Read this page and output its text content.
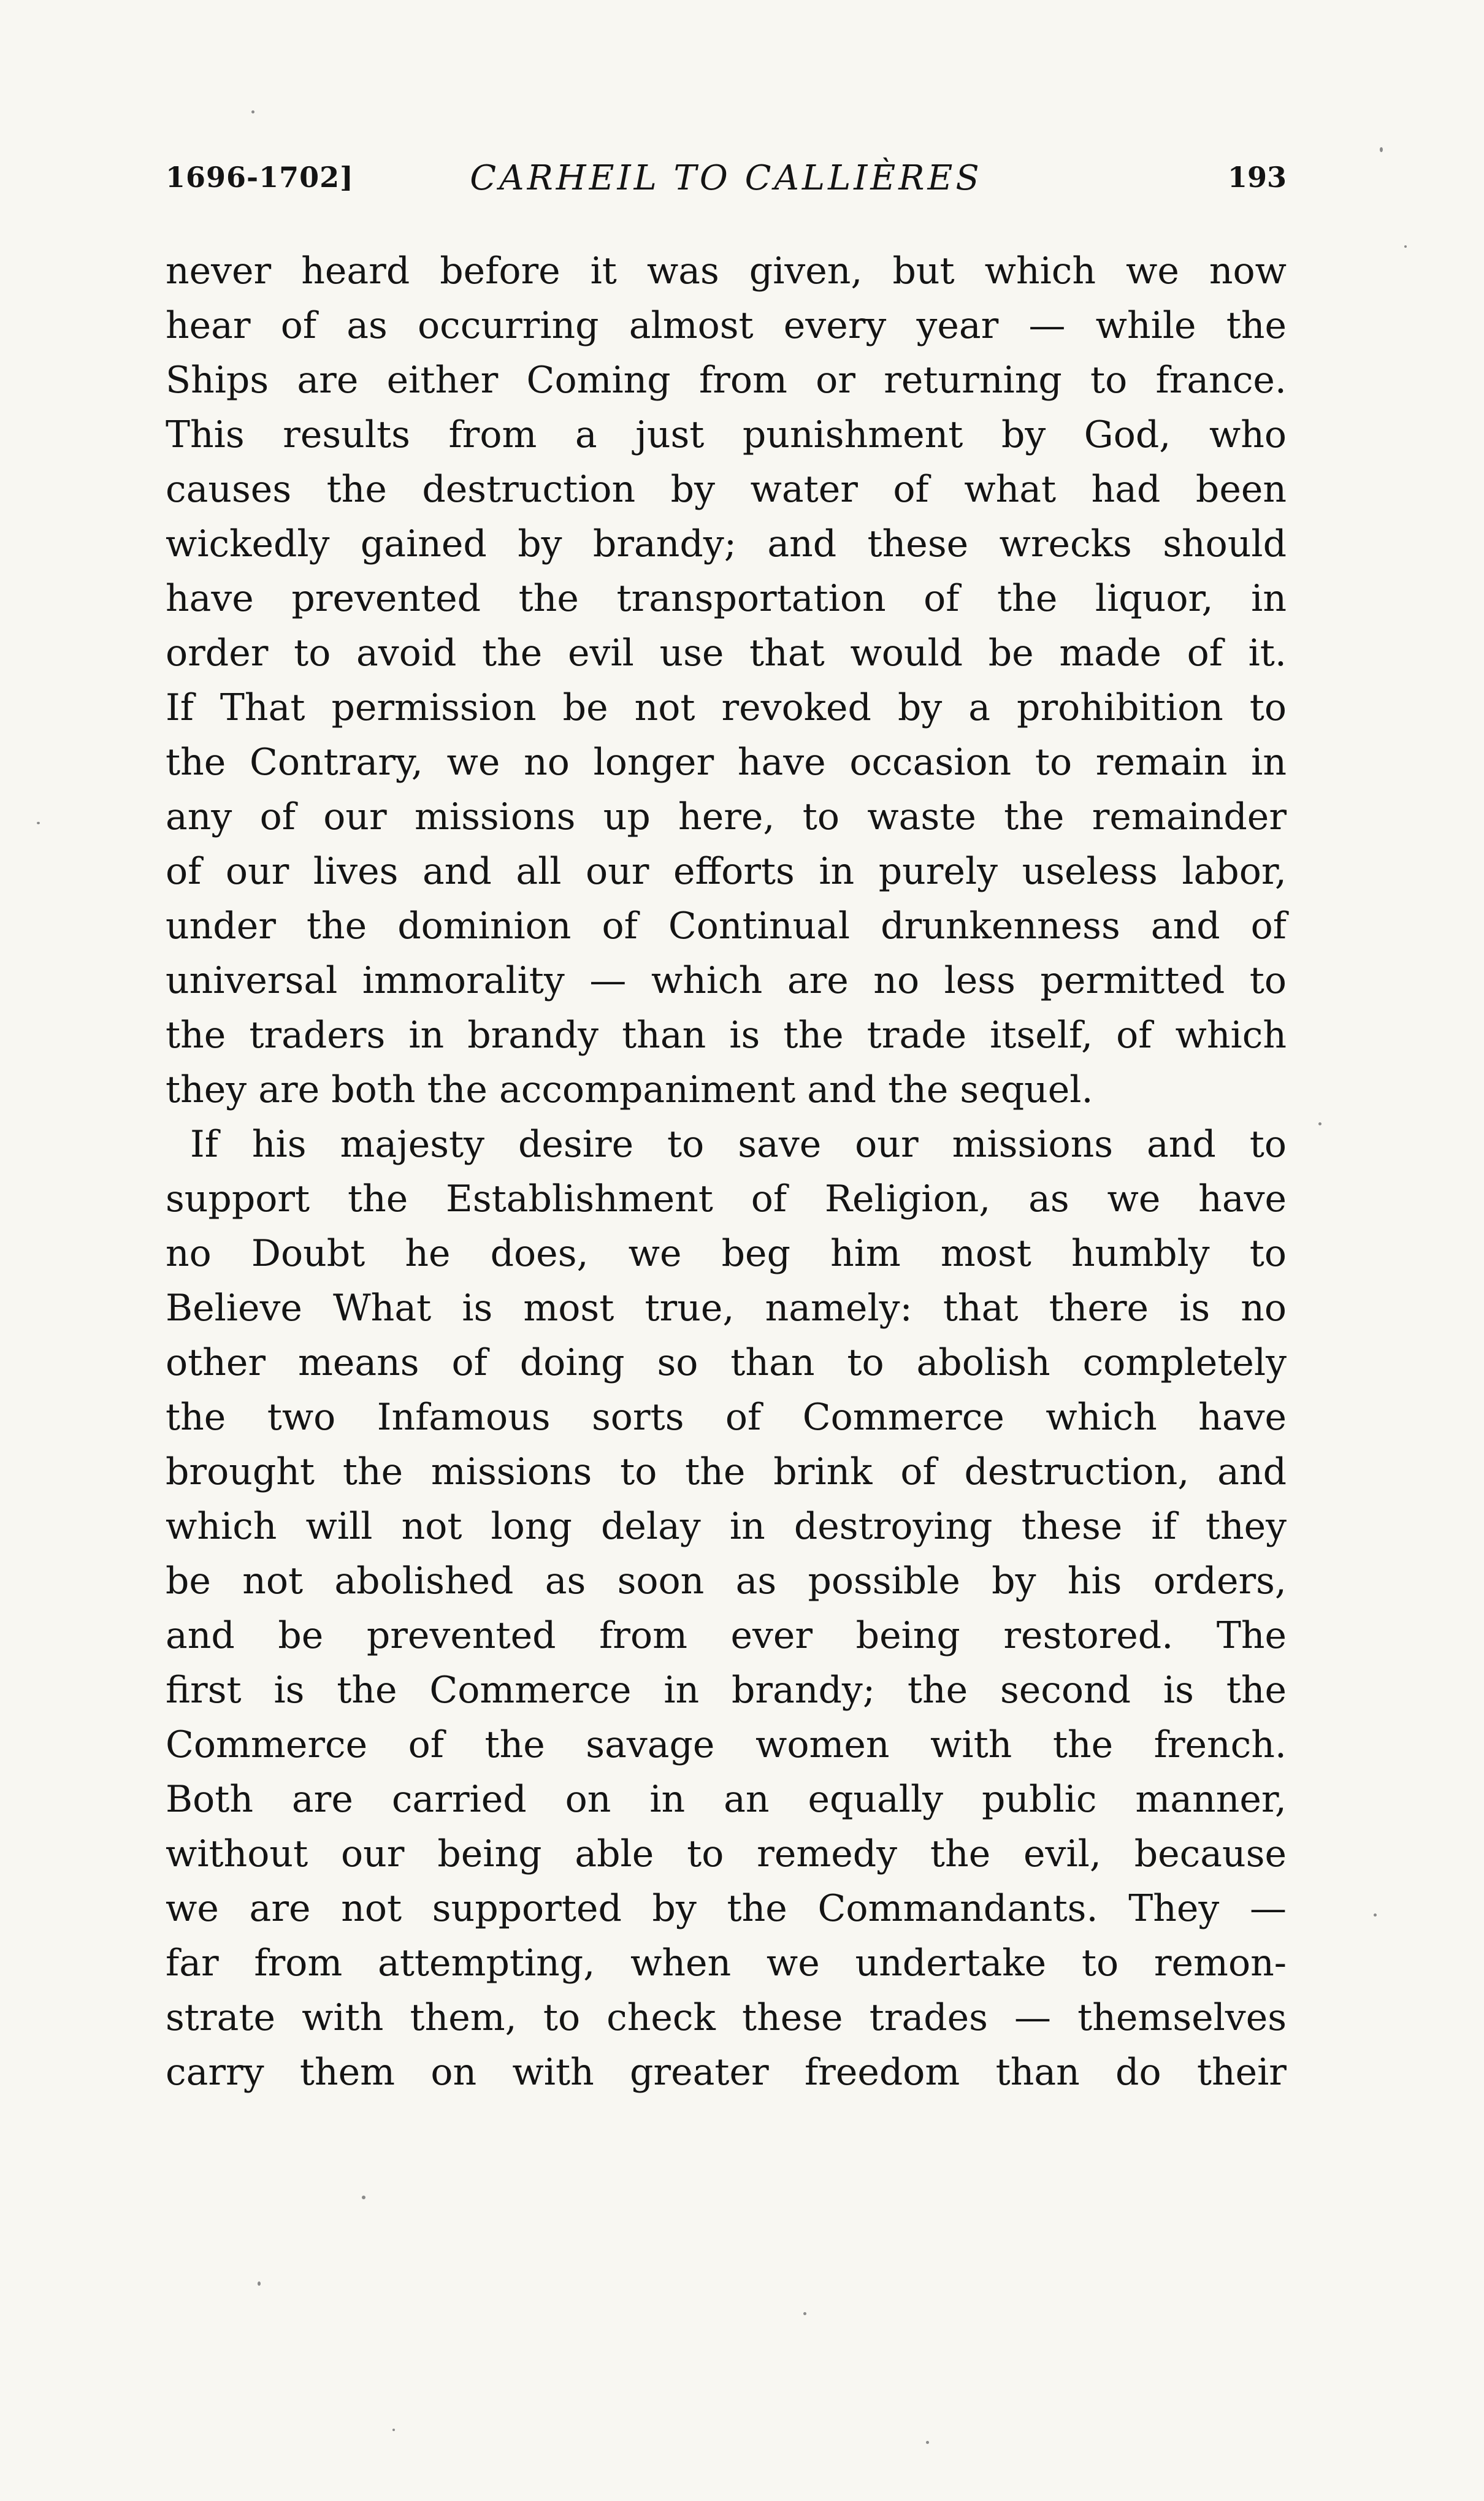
1696-1702]	CARHEIL TO CALLIÈRES	193
never heard before it was given, but which we now
hear of as occurring almost every year — while the
Ships are either Coming from or returning to france.
This results from a just punishment by God, who
causes the destruction by water of what had been
wickedly gained by brandy; and these wrecks should
have prevented the transportation of the liquor, in
order to avoid the evil use that would be made of it.
If That permission be not revoked by a prohibition to
the Contrary, we no longer have occasion to remain in
any of our missions up here, to waste the remainder
of our lives and all our efforts in purely useless labor,
under the dominion of Continual drunkenness and of
universal immorality — which are no less permitted to
the traders in brandy than is the trade itself, of which
they are both the accompaniment and the sequel.
If his majesty desire to save our missions and to
support the Establishment of Religion, as we have
no Doubt he does, we beg him most humbly to
Believe What is most true, namely: that there is no
other means of doing so than to abolish completely
the two Infamous sorts of Commerce which have
brought the missions to the brink of destruction, and
which will not long delay in destroying these if they
be not abolished as soon as possible by his orders,
and be prevented from ever being restored. The
first is the Commerce in brandy; the second is the
Commerce of the savage women with the french.
Both are carried on in an equally public manner,
without our being able to remedy the evil, because
we are not supported by the Commandants. They —
far from attempting, when we undertake to remon-
strate with them, to check these trades — themselves
carry them on with greater freedom than do their
